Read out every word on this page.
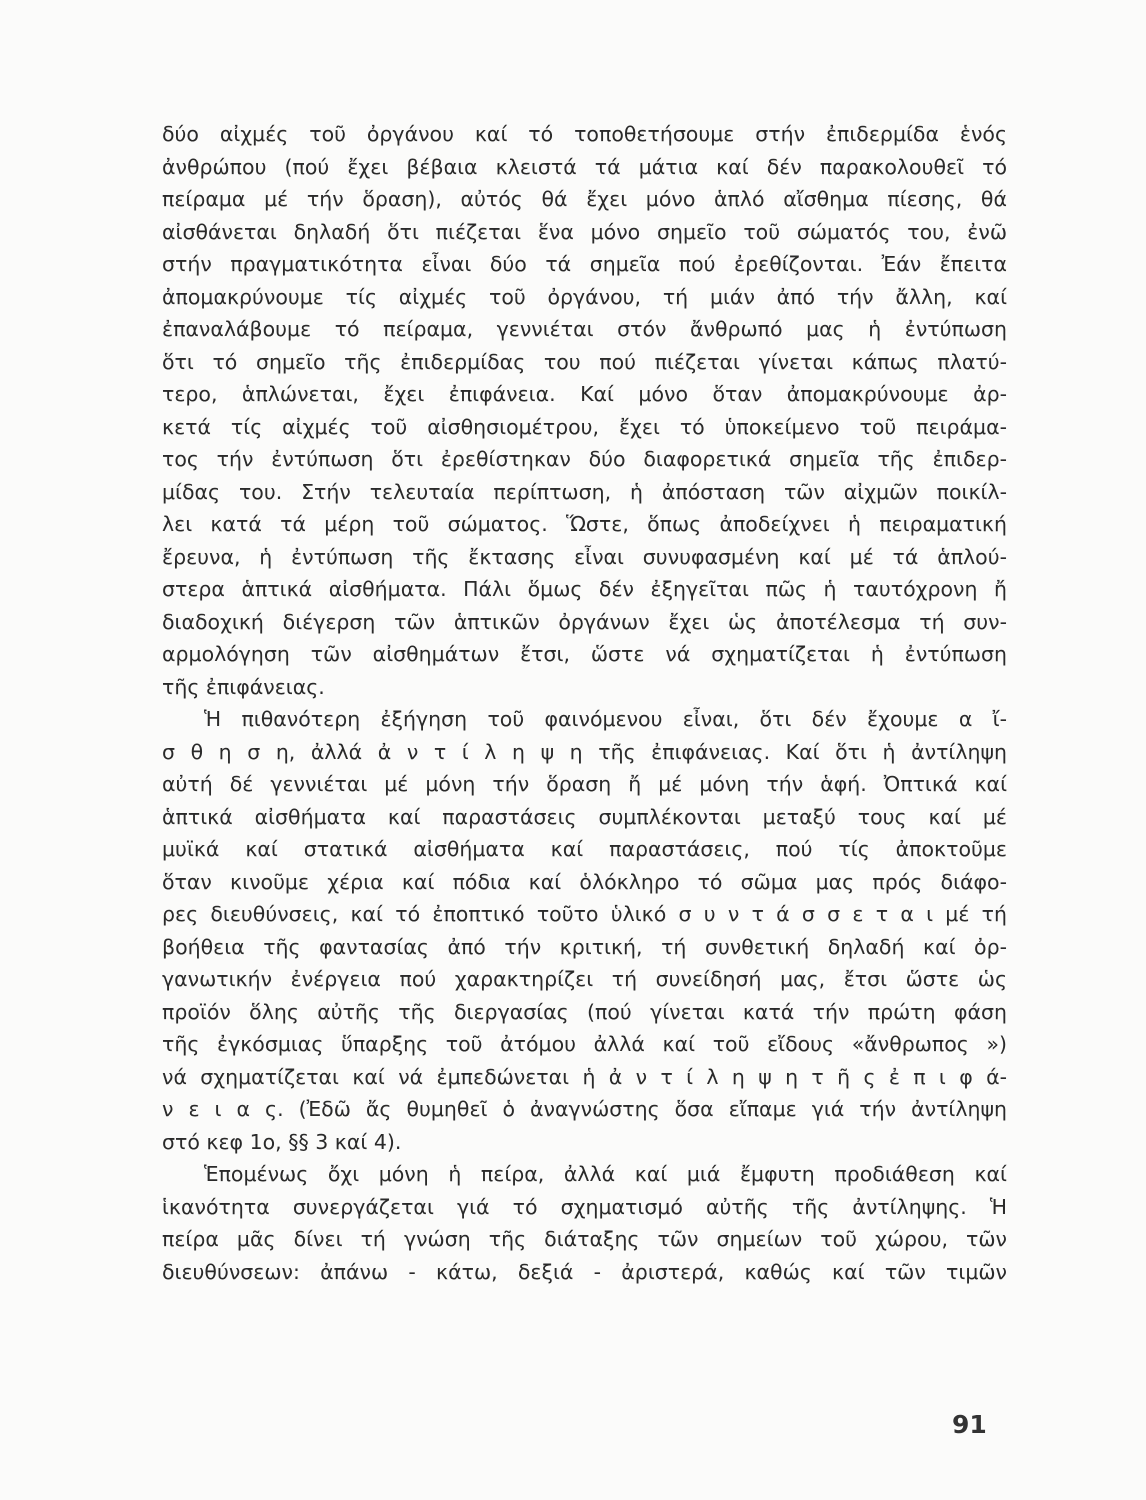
δύο αἰχμές τοῦ ὀργάνου καί τό τοποθετήσουμε στήν ἐπιδερμίδα ἑνός
ἀνθρώπου (πού ἔχει βέβαια κλειστά τά μάτια καί δέν παρακολουθεῖ τό
πείραμα μέ τήν ὅραση), αὐτός θά ἔχει μόνο ἁπλό αἴσθημα πίεσης, θά
αἰσθάνεται δηλαδή ὅτι πιέζεται ἕνα μόνο σημεῖο τοῦ σώματός του, ἐνῶ
στήν πραγματικότητα εἶναι δύο τά σημεῖα πού ἐρεθίζονται. Ἐάν ἔπειτα
ἀπομακρύνουμε τίς αἰχμές τοῦ ὀργάνου, τή μιάν ἀπό τήν ἄλλη, καί
ἐπαναλάβουμε τό πείραμα, γεννιέται στόν ἄνθρωπό μας ἡ ἐντύπωση
ὅτι τό σημεῖο τῆς ἐπιδερμίδας του πού πιέζεται γίνεται κάπως πλατύ-
τερο, ἁπλώνεται, ἔχει ἐπιφάνεια. Καί μόνο ὅταν ἀπομακρύνουμε ἀρ-
κετά τίς αἰχμές τοῦ αἰσθησιομέτρου, ἔχει τό ὑποκείμενο τοῦ πειράμα-
τος τήν ἐντύπωση ὅτι ἐρεθίστηκαν δύο διαφορετικά σημεῖα τῆς ἐπιδερ-
μίδας του. Στήν τελευταία περίπτωση, ἡ ἀπόσταση τῶν αἰχμῶν ποικίλ-
λει κατά τά μέρη τοῦ σώματος. Ὥστε, ὅπως ἀποδείχνει ἡ πειραματική
ἔρευνα, ἡ ἐντύπωση τῆς ἔκτασης εἶναι συνυφασμένη καί μέ τά ἁπλού-
στερα ἁπτικά αἰσθήματα. Πάλι ὅμως δέν ἐξηγεῖται πῶς ἡ ταυτόχρονη ἤ
διαδοχική διέγερση τῶν ἁπτικῶν ὀργάνων ἔχει ὡς ἀποτέλεσμα τή συν-
αρμολόγηση τῶν αἰσθημάτων ἔτσι, ὥστε νά σχηματίζεται ἡ ἐντύπωση
τῆς ἐπιφάνειας.
Ἡ πιθανότερη ἐξήγηση τοῦ φαινόμενου εἶναι, ὅτι δέν ἔχουμε α ἴ-
σ θ η σ η, ἀλλά ἀ ν τ ί λ η ψ η τῆς ἐπιφάνειας. Καί ὅτι ἡ ἀντίληψη
αὐτή δέ γεννιέται μέ μόνη τήν ὅραση ἤ μέ μόνη τήν ἁφή. Ὀπτικά καί
ἁπτικά αἰσθήματα καί παραστάσεις συμπλέκονται μεταξύ τους καί μέ
μυϊκά καί στατικά αἰσθήματα καί παραστάσεις, πού τίς ἀποκτοῦμε
ὅταν κινοῦμε χέρια καί πόδια καί ὁλόκληρο τό σῶμα μας πρός διάφο-
ρες διευθύνσεις, καί τό ἐποπτικό τοῦτο ὑλικό σ υ ν τ ά σ σ ε τ α ι μέ τή
βοήθεια τῆς φαντασίας ἀπό τήν κριτική, τή συνθετική δηλαδή καί ὀρ-
γανωτικήν ἐνέργεια πού χαρακτηρίζει τή συνείδησή μας, ἔτσι ὥστε ὡς
προϊόν ὅλης αὐτῆς τῆς διεργασίας (πού γίνεται κατά τήν πρώτη φάση
τῆς ἐγκόσμιας ὕπαρξης τοῦ ἀτόμου ἀλλά καί τοῦ εἴδους «ἄνθρωπος »)
νά σχηματίζεται καί νά ἐμπεδώνεται ἡ ἀ ν τ ί λ η ψ η τ ῆ ς ἐ π ι φ ά-
ν ε ι α ς. (Ἐδῶ ἄς θυμηθεῖ ὁ ἀναγνώστης ὅσα εἴπαμε γιά τήν ἀντίληψη
στό κεφ 1ο, §§ 3 καί 4).
Ἑπομένως ὄχι μόνη ἡ πείρα, ἀλλά καί μιά ἔμφυτη προδιάθεση καί
ἱκανότητα συνεργάζεται γιά τό σχηματισμό αὐτῆς τῆς ἀντίληψης. Ἡ
πείρα μᾶς δίνει τή γνώση τῆς διάταξης τῶν σημείων τοῦ χώρου, τῶν
διευθύνσεων: ἀπάνω - κάτω, δεξιά - ἀριστερά, καθώς καί τῶν τιμῶν
91
